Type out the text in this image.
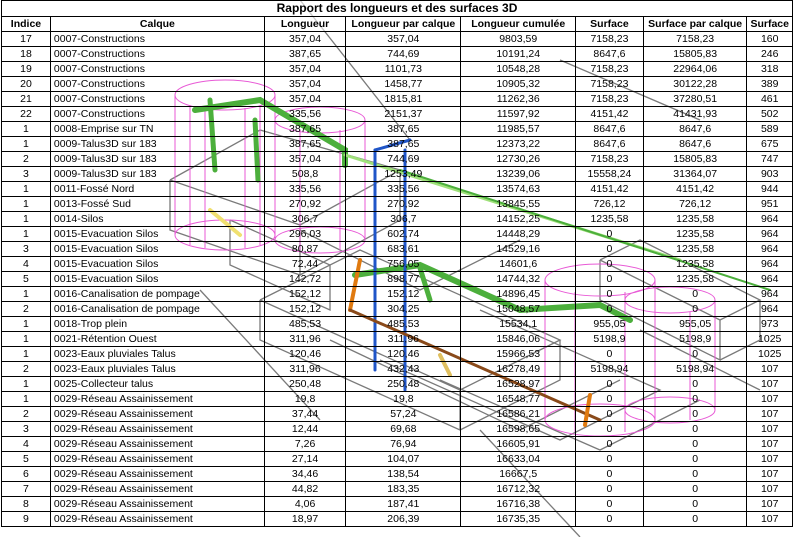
Rapport des longueurs et des surfaces 3D							
Indice	Calque	Longueur	Longueur par calque	Longueur cumulée	Surface	Surface par calque	Surface
17	0007-Constructions	357,04	357,04	9803,59	7158,23	7158,23	160
18	0007-Constructions	387,65	744,69	10191,24	8647,6	15805,83	246
19	0007-Constructions	357,04	1101,73	10548,28	7158,23	22964,06	318
20	0007-Constructions	357,04	1458,77	10905,32	7158,23	30122,28	389
21	0007-Constructions	357,04	1815,81	11262,36	7158,23	37280,51	461
22	0007-Constructions	335,56	2151,37	11597,92	4151,42	41431,93	502
1	0008-Emprise sur TN	387,65	387,65	11985,57	8647,6	8647,6	589
1	0009-Talus3D sur 183	387,65	387,65	12373,22	8647,6	8647,6	675
2	0009-Talus3D sur 183	357,04	744,69	12730,26	7158,23	15805,83	747
3	0009-Talus3D sur 183	508,8	1253,49	13239,06	15558,24	31364,07	903
1	0011-Fossé Nord	335,56	335,56	13574,63	4151,42	4151,42	944
1	0013-Fossé Sud	270,92	270,92	13845,55	726,12	726,12	951
1	0014-Silos	306,7	306,7	14152,25	1235,58	1235,58	964
1	0015-Evacuation Silos	296,03	602,74	14448,29	0	1235,58	964
3	0015-Evacuation Silos	80,87	683,61	14529,16	0	1235,58	964
4	0015-Evacuation Silos	72,44	756,05	14601,6	0	1235,58	964
5	0015-Evacuation Silos	142,72	898,77	14744,32	0	1235,58	964
1	0016-Canalisation de pompage	152,12	152,12	14896,45	0	0	964
2	0016-Canalisation de pompage	152,12	304,25	15048,57	0	0	964
1	0018-Trop plein	485,53	485,53	15534,1	955,05	955,05	973
1	0021-Rétention Ouest	311,96	311,96	15846,06	5198,9	5198,9	1025
1	0023-Eaux pluviales Talus	120,46	120,46	15966,53	0	0	1025
2	0023-Eaux pluviales Talus	311,96	432,43	16278,49	5198,94	5198,94	107
1	0025-Collecteur talus	250,48	250,48	16528,97	0	0	107
1	0029-Réseau Assainissement	19,8	19,8	16548,77	0	0	107
2	0029-Réseau Assainissement	37,44	57,24	16586,21	0	0	107
3	0029-Réseau Assainissement	12,44	69,68	16598,65	0	0	107
4	0029-Réseau Assainissement	7,26	76,94	16605,91	0	0	107
5	0029-Réseau Assainissement	27,14	104,07	16633,04	0	0	107
6	0029-Réseau Assainissement	34,46	138,54	16667,5	0	0	107
7	0029-Réseau Assainissement	44,82	183,35	16712,32	0	0	107
8	0029-Réseau Assainissement	4,06	187,41	16716,38	0	0	107
9	0029-Réseau Assainissement	18,97	206,39	16735,35	0	0	107
